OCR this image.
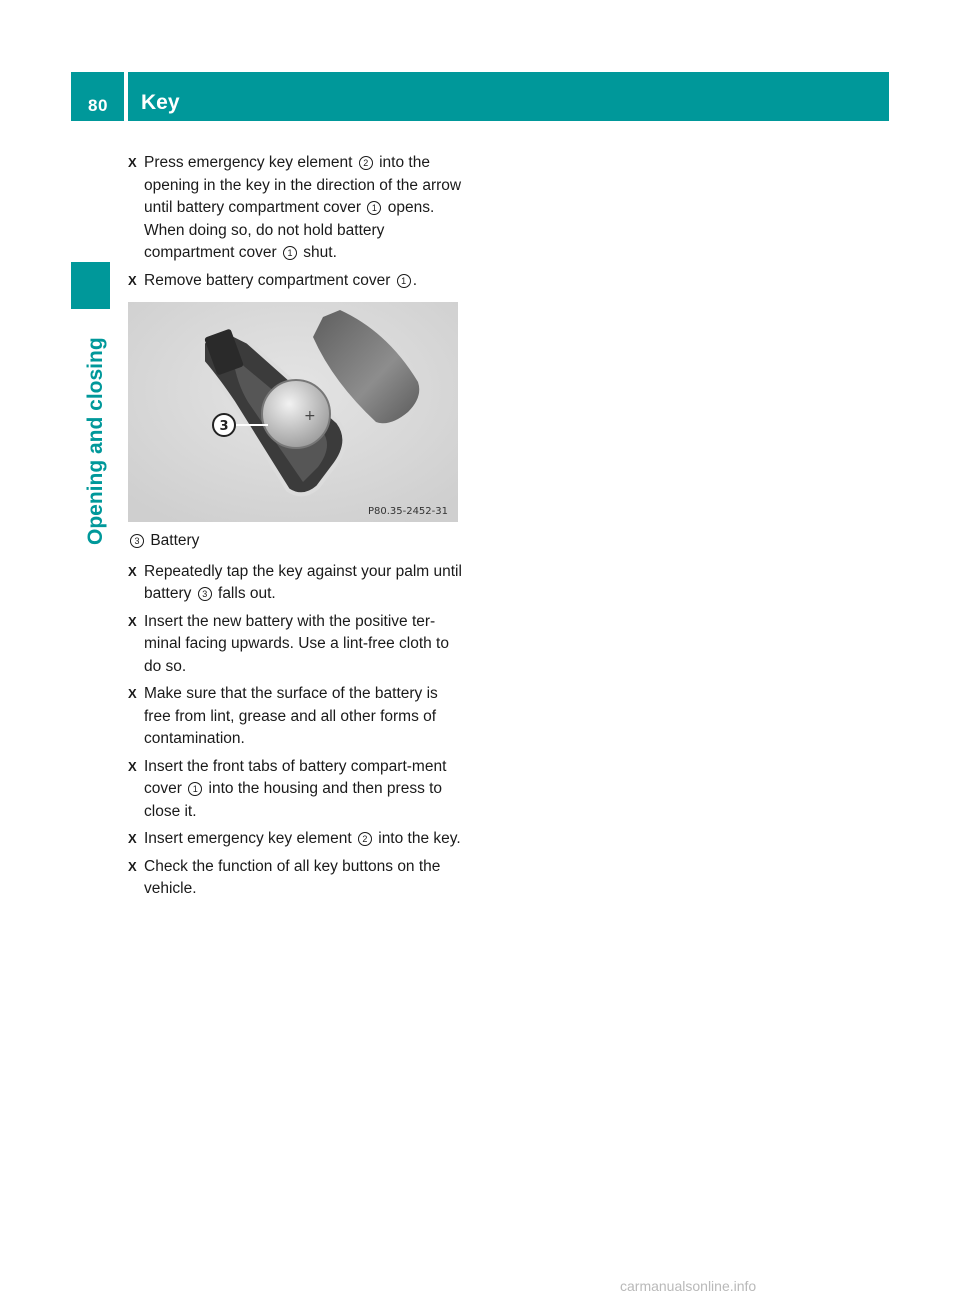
80 Key
Opening and closing
X Press emergency key element 2 into the opening in the key in the direction of the arrow until battery compartment cover 1 opens. When doing so, do not hold battery compartment cover 1 shut.
X Remove battery compartment cover 1 .
+
3
P80.35-2452-31
3 Battery
X Repeatedly tap the key against your palm until battery 3 falls out.
X Insert the new battery with the positive ter-minal facing upwards. Use a lint-free cloth to do so.
X Make sure that the surface of the battery is free from lint, grease and all other forms of contamination.
X Insert the front tabs of battery compart-ment cover 1 into the housing and then press to close it.
X Insert emergency key element 2 into the key.
X Check the function of all key buttons on the vehicle.
carmanualsonline.info
